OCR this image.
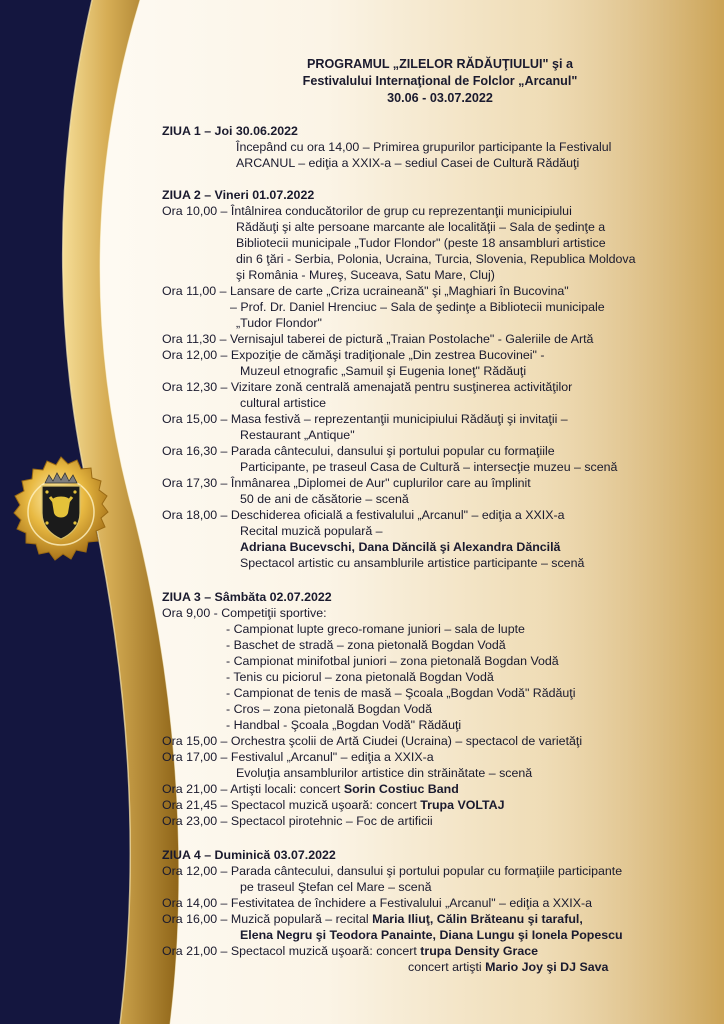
PROGRAMUL „ZILELOR RĂDĂUŢIULUI" şi a
Festivalului Internaţional de Folclor „Arcanul"
30.06 - 03.07.2022
ZIUA 1 – Joi 30.06.2022
Începând cu ora 14,00 – Primirea grupurilor participante la Festivalul
ARCANUL – ediţia a XXIX-a – sediul Casei de Cultură Rădăuţi
ZIUA 2 – Vineri 01.07.2022
Ora 10,00 – Întâlnirea conducătorilor de grup cu reprezentanţii municipiului
Rădăuţi şi alte persoane marcante ale localităţii – Sala de şedinţe a
Bibliotecii municipale „Tudor Flondor" (peste 18 ansambluri artistice
din 6 ţări - Serbia, Polonia, Ucraina, Turcia, Slovenia, Republica Moldova
şi România - Mureş, Suceava, Satu Mare, Cluj)
Ora 11,00 – Lansare de carte „Criza ucraineană" şi „Maghiari în Bucovina"
– Prof. Dr. Daniel Hrenciuc – Sala de şedinţe a Bibliotecii municipale
„Tudor Flondor"
Ora 11,30 – Vernisajul taberei de pictură „Traian Postolache" - Galeriile de Artă
Ora 12,00 – Expoziţie de cămăşi tradiţionale „Din zestrea Bucovinei" -
Muzeul etnografic „Samuil şi Eugenia Ioneţ" Rădăuţi
Ora 12,30 – Vizitare zonă centrală amenajată pentru susţinerea activităţilor
cultural artistice
Ora 15,00 – Masa festivă – reprezentanţii municipiului Rădăuţi şi invitaţii –
Restaurant „Antique"
Ora 16,30 – Parada cântecului, dansului şi portului popular cu formaţiile
Participante, pe traseul Casa de Cultură – intersecţie muzeu – scenă
Ora 17,30 – Înmânarea „Diplomei de Aur" cuplurilor care au împlinit
50 de ani de căsătorie – scenă
Ora 18,00 – Deschiderea oficială a festivalului „Arcanul" – ediţia a XXIX-a
Recital muzică populară –
Adriana Bucevschi, Dana Dăncilă şi Alexandra Dăncilă
Spectacol artistic cu ansamblurile artistice participante – scenă
ZIUA 3 – Sâmbăta 02.07.2022
Ora 9,00 - Competiţii sportive:
- Campionat lupte greco-romane juniori – sala de lupte
- Baschet de stradă – zona pietonală Bogdan Vodă
- Campionat minifotbal juniori – zona pietonală Bogdan Vodă
- Tenis cu piciorul – zona pietonală Bogdan Vodă
- Campionat de tenis de masă – Şcoala „Bogdan Vodă" Rădăuţi
- Cros – zona pietonală Bogdan Vodă
- Handbal - Şcoala „Bogdan Vodă" Rădăuţi
Ora 15,00 – Orchestra şcolii de Artă Ciudei (Ucraina) – spectacol de varietăţi
Ora 17,00 – Festivalul „Arcanul" – ediţia a XXIX-a
Evoluţia ansamblurilor artistice din străinătate – scenă
Ora 21,00 – Artişti locali: concert Sorin Costiuc Band
Ora 21,45 – Spectacol muzică uşoară: concert Trupa VOLTAJ
Ora 23,00 – Spectacol pirotehnic – Foc de artificii
ZIUA 4 – Duminică 03.07.2022
Ora 12,00 – Parada cântecului, dansului şi portului popular cu formaţiile participante
pe traseul Ştefan cel Mare – scenă
Ora 14,00 – Festivitatea de închidere a Festivalului „Arcanul" – ediţia a XXIX-a
Ora 16,00 – Muzică populară – recital Maria Iliuţ, Călin Brăteanu şi taraful,
Elena Negru şi Teodora Panainte, Diana Lungu şi Ionela Popescu
Ora 21,00 – Spectacol muzică uşoară: concert trupa Density Grace
concert artişti Mario Joy şi DJ Sava
